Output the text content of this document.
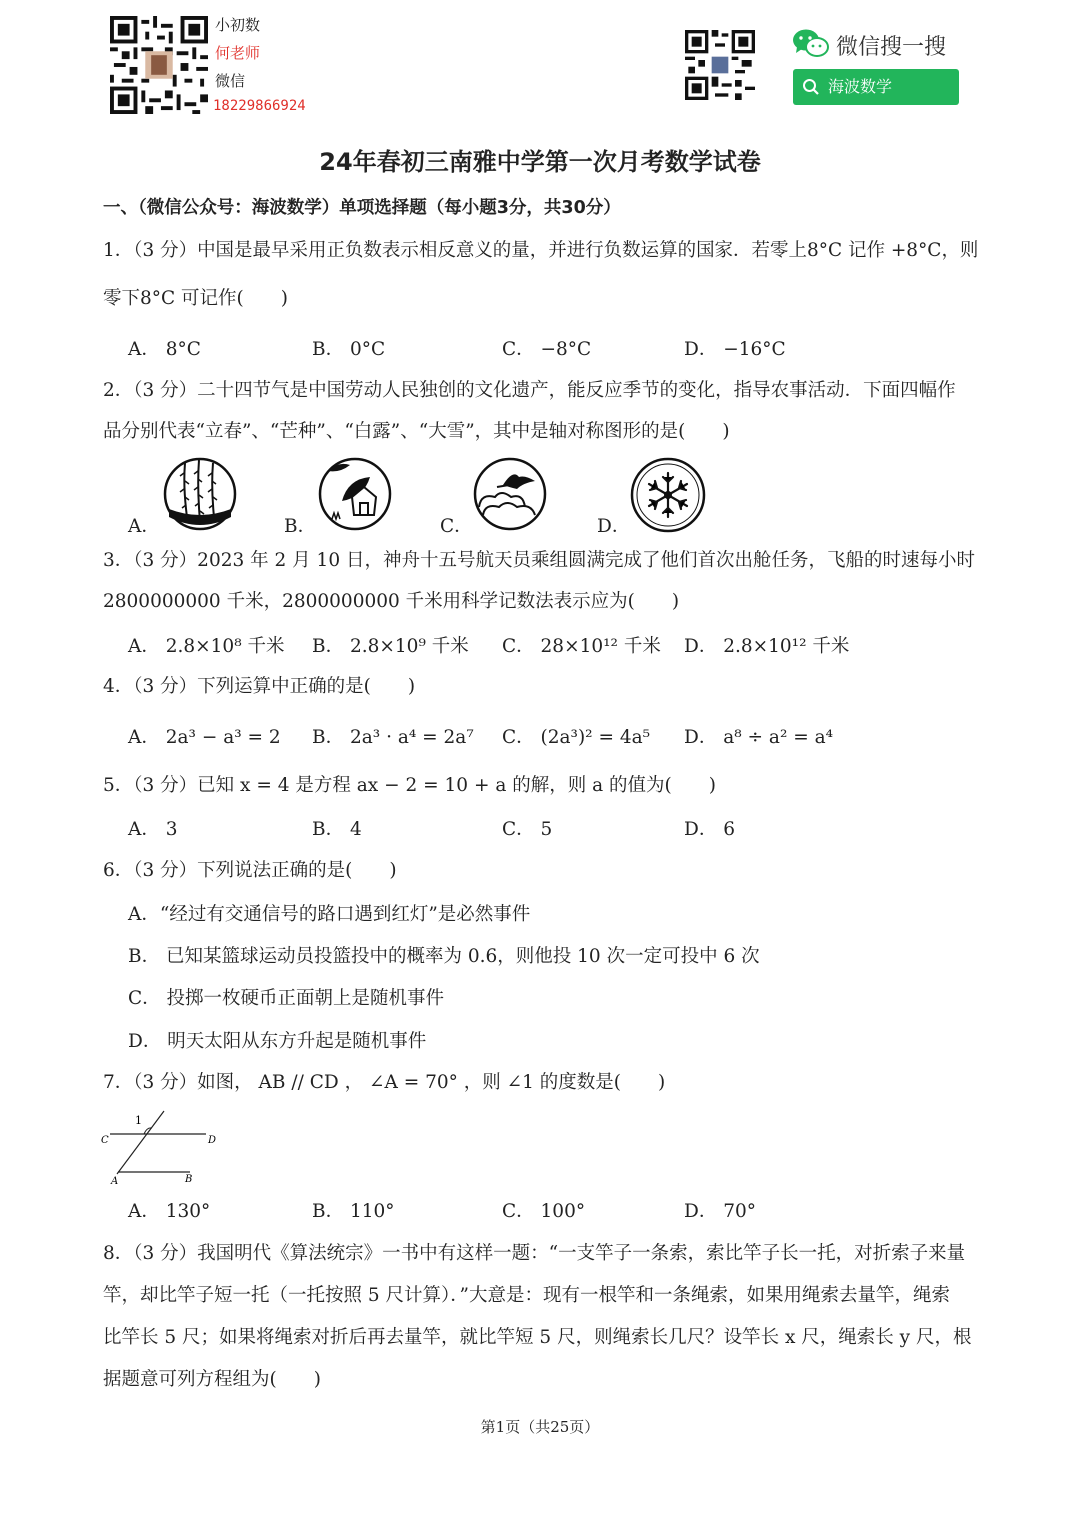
小初数
何老师
微信
18229866924
微信搜一搜
海波数学
24年春初三南雅中学第一次月考数学试卷
一、（微信公众号：海波数学）单项选择题（每小题3分，共30分）
1．（3 分）中国是最早采用正负数表示相反意义的量，并进行负数运算的国家．若零上8°C 记作 +8°C，则
零下8°C 可记作(　　)
A． 8°C	B． 0°C	C． −8°C	D． −16°C
2．（3 分）二十四节气是中国劳动人民独创的文化遗产，能反应季节的变化，指导农事活动．下面四幅作
品分别代表“立春”、“芒种”、“白露”、“大雪”，其中是轴对称图形的是(　　)
A．	B．	C．	D．
3．（3 分）2023 年 2 月 10 日，神舟十五号航天员乘组圆满完成了他们首次出舱任务，飞船的时速每小时
2800000000 千米，2800000000 千米用科学记数法表示应为(　　)
A． 2.8×10⁸ 千米 B． 2.8×10⁹ 千米 C． 28×10¹² 千米 D． 2.8×10¹² 千米
4．（3 分）下列运算中正确的是(　　)
A． 2a³ − a³ = 2 B． 2a³ · a⁴ = 2a⁷ C． (2a³)² = 4a⁵ D． a⁸ ÷ a² = a⁴
5．（3 分）已知 x = 4 是方程 ax − 2 = 10 + a 的解，则 a 的值为(　　)
A． 3	B． 4	C． 5	D． 6
6．（3 分）下列说法正确的是(　　)
A．“经过有交通信号的路口遇到红灯”是必然事件
B． 已知某篮球运动员投篮投中的概率为 0.6，则他投 10 次一定可投中 6 次
C． 投掷一枚硬币正面朝上是随机事件
D． 明天太阳从东方升起是随机事件
7．（3 分）如图， AB // CD ， ∠A = 70° ，则 ∠1 的度数是(　　)
1
C	D
A	B
A． 130°	B． 110°	C． 100°	D． 70°
8．（3 分）我国明代《算法统宗》一书中有这样一题：“一支竿子一条索，索比竿子长一托，对折索子来量
竿，却比竿子短一托（一托按照 5 尺计算）．”大意是：现有一根竿和一条绳索，如果用绳索去量竿，绳索
比竿长 5 尺；如果将绳索对折后再去量竿，就比竿短 5 尺，则绳索长几尺？设竿长 x 尺，绳索长 y 尺，根
据题意可列方程组为(　　)
第1页（共25页）
